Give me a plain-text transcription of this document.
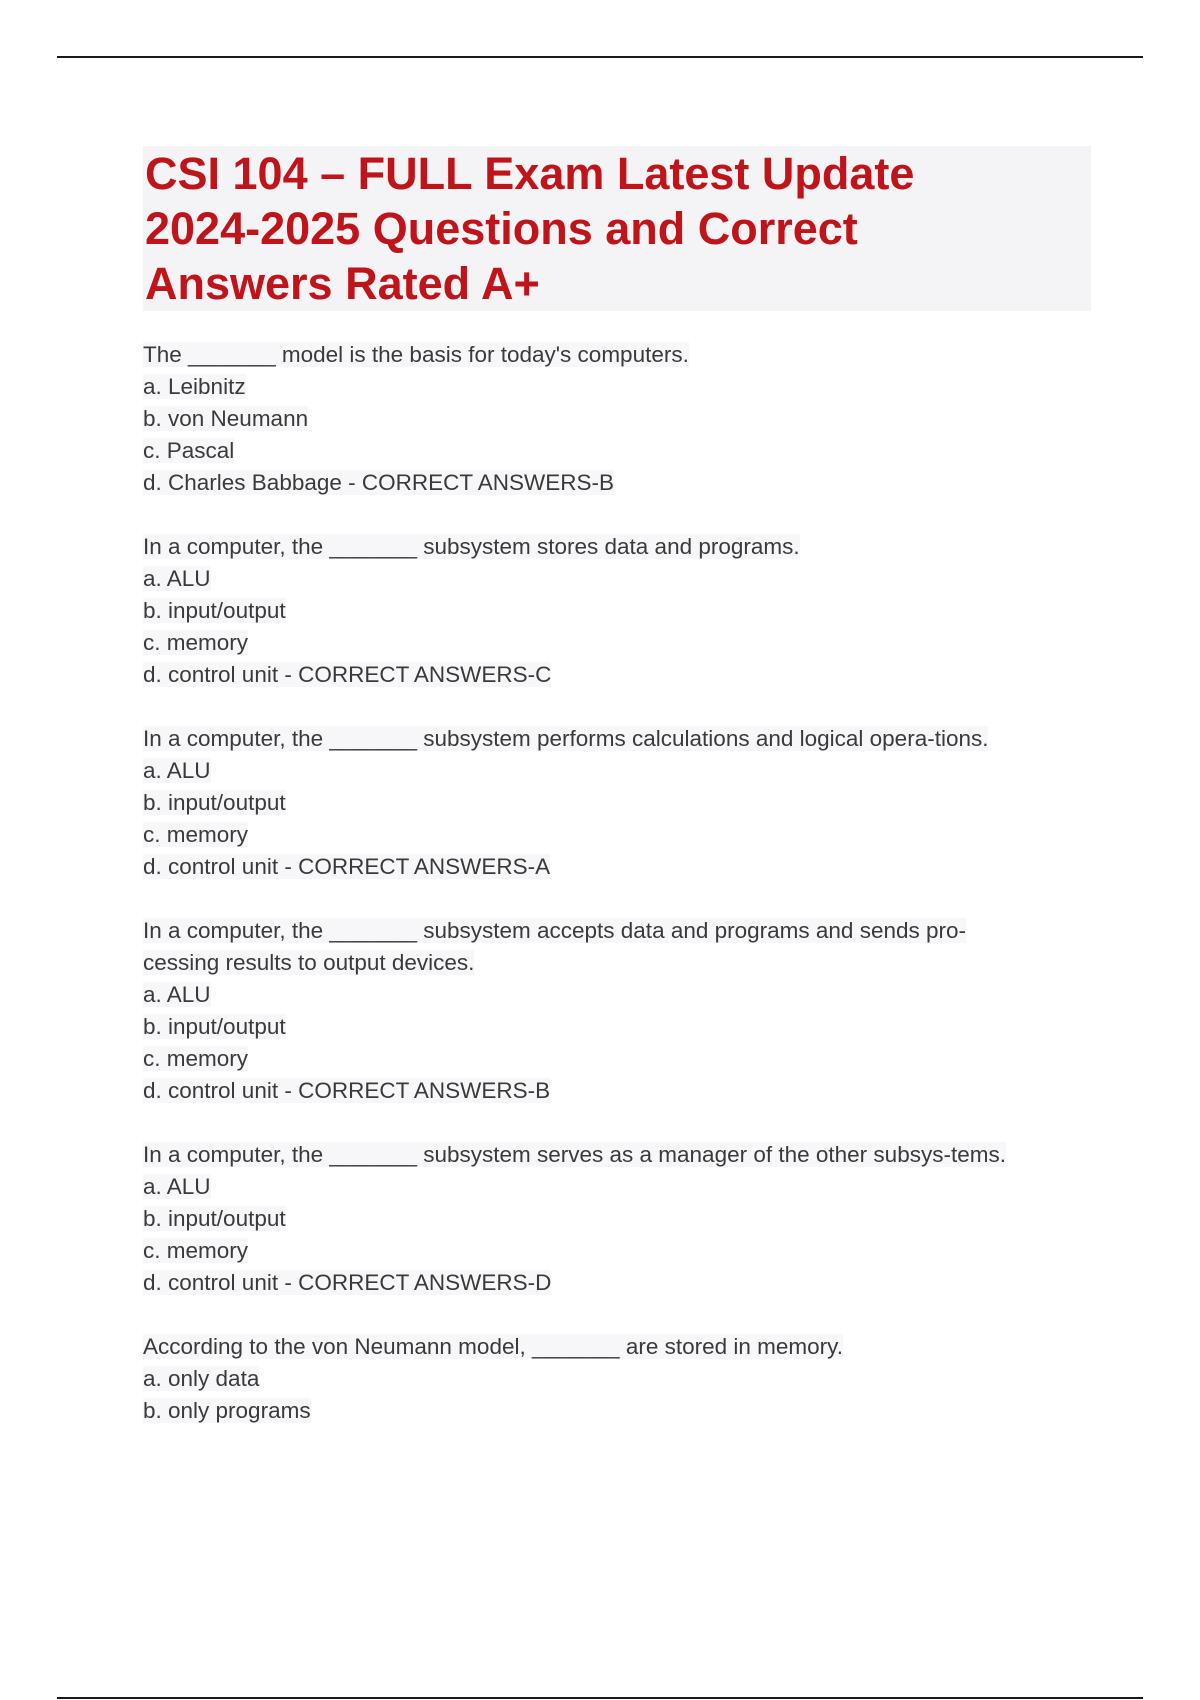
CSI 104 – FULL Exam Latest Update
2024-2025 Questions and Correct
Answers Rated A+
The _______ model is the basis for today's computers.
a. Leibnitz
b. von Neumann
c. Pascal
d. Charles Babbage - CORRECT ANSWERS-B
In a computer, the _______ subsystem stores data and programs.
a. ALU
b. input/output
c. memory
d. control unit - CORRECT ANSWERS-C
In a computer, the _______ subsystem performs calculations and logical opera-tions.
a. ALU
b. input/output
c. memory
d. control unit - CORRECT ANSWERS-A
In a computer, the _______ subsystem accepts data and programs and sends pro-
cessing results to output devices.
a. ALU
b. input/output
c. memory
d. control unit - CORRECT ANSWERS-B
In a computer, the _______ subsystem serves as a manager of the other subsys-tems.
a. ALU
b. input/output
c. memory
d. control unit - CORRECT ANSWERS-D
According to the von Neumann model, _______ are stored in memory.
a. only data
b. only programs
